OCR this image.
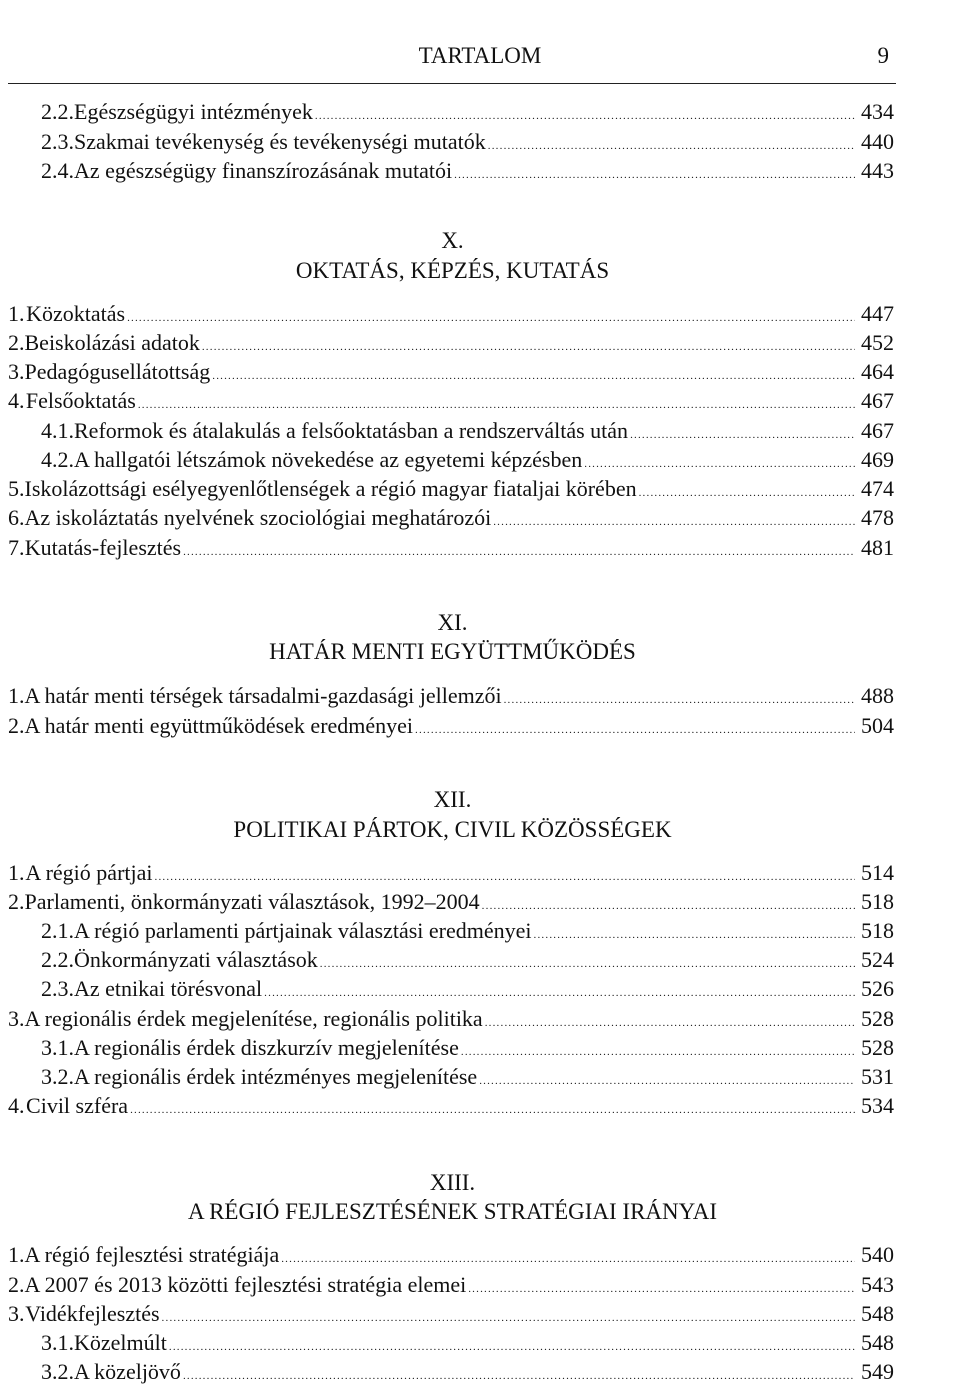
TARTALOM	9
2.2. Egészségügyi intézmények .....	434
2.3. Szakmai tevékenység és tevékenységi mutatók .....	440
2.4. Az egészségügy finanszírozásának mutatói .....	443
X.
OKTATÁS, KÉPZÉS, KUTATÁS
1. Közoktatás .....	447
2. Beiskolázási adatok .....	452
3. Pedagógusellátottság .....	464
4. Felsőoktatás .....	467
4.1. Reformok és átalakulás a felsőoktatásban a rendszerváltás után .....	467
4.2. A hallgatói létszámok növekedése az egyetemi képzésben .....	469
5. Iskolázottsági esélyegyenlőtlenségek a régió magyar fiataljai körében .....	474
6. Az iskoláztatás nyelvének szociológiai meghatározói .....	478
7. Kutatás-fejlesztés .....	481
XI.
HATÁR MENTI EGYÜTTMŰKÖDÉS
1. A határ menti térségek társadalmi-gazdasági jellemzői .....	488
2. A határ menti együttműködések eredményei .....	504
XII.
POLITIKAI PÁRTOK, CIVIL KÖZÖSSÉGEK
1. A régió pártjai .....	514
2. Parlamenti, önkormányzati választások, 1992–2004 .....	518
2.1. A régió parlamenti pártjainak választási eredményei .....	518
2.2. Önkormányzati választások .....	524
2.3. Az etnikai törésvonal .....	526
3. A regionális érdek megjelenítése, regionális politika .....	528
3.1. A regionális érdek diszkurzív megjelenítése .....	528
3.2. A regionális érdek intézményes megjelenítése .....	531
4. Civil szféra .....	534
XIII.
A RÉGIÓ FEJLESZTÉSÉNEK STRATÉGIAI IRÁNYAI
1. A régió fejlesztési stratégiája .....	540
2. A 2007 és 2013 közötti fejlesztési stratégia elemei .....	543
3. Vidékfejlesztés .....	548
3.1. Közelmúlt .....	548
3.2. A közeljövő .....	549
